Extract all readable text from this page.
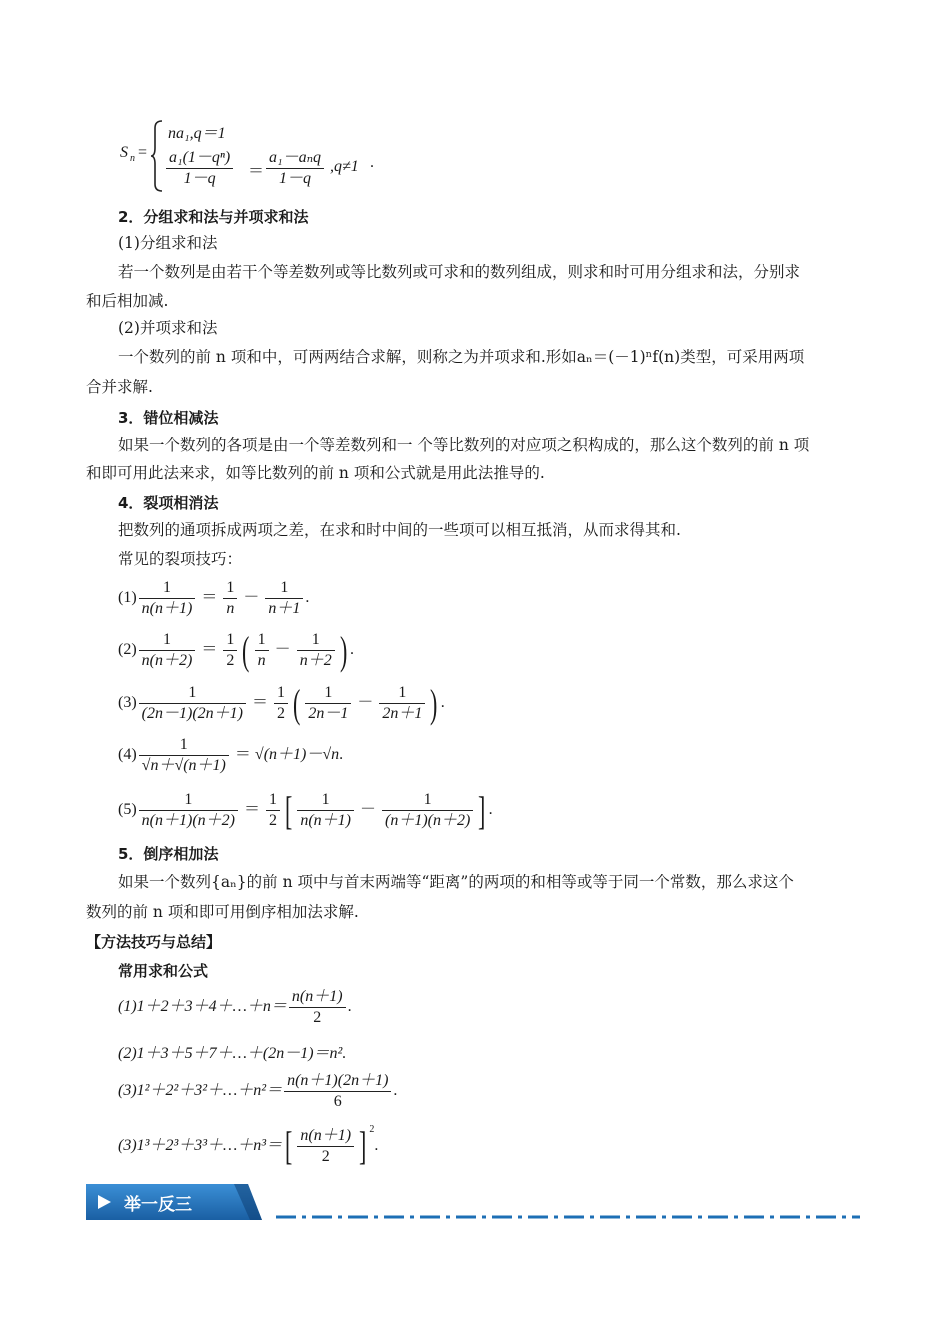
S n =
na₁,q＝1
$\frac{\text{a₁(1－qⁿ)}}{1-q}$ ＝
a₁－aₙq
1－q
,q≠1 .
2．分组求和法与并项求和法
(1)分组求和法
若一个数列是由若干个等差数列或等比数列或可求和的数列组成，则求和时可用分组求和法，分别求
和后相加减.
(2)并项求和法
一个数列的前 n 项和中，可两两结合求解，则称之为并项求和.形如aₙ＝(－1)ⁿf(n)类型，可采用两项
合并求解.
3．错位相减法
如果一个数列的各项是由一个等差数列和一 个等比数列的对应项之积构成的，那么这个数列的前 n 项
和即可用此法来求，如等比数列的前 n 项和公式就是用此法推导的.
4．裂项相消法
把数列的通项拆成两项之差，在求和时中间的一些项可以相互抵消，从而求得其和.
常见的裂项技巧：
$(1) \frac{1}{n(n+1)} = \frac{1}{n} - \frac{1}{n+1}$ .
$(2) \frac{1}{n(n+2)} = \frac{1}{2}$ ( $\frac{1}{n} - \frac{1}{n+2}$ ) .
$(3) \frac{1}{(2n-1)(2n+1)} = \frac{1}{2}$ ( $\frac{1}{2n-1} - \frac{1}{2n+1}$ ) .
$(4) \frac{1}{√n+√(n+1)} = √(n+1)-√n$.
$(5) \frac{1}{n(n+1)(n+2)} = \frac{1}{2}$ [ $\frac{1}{n(n+1)} - \frac{1}{(n+1)(n+2)}$ ] .
5．倒序相加法
如果一个数列{aₙ}的前 n 项中与首末两端等“距离”的两项的和相等或等于同一个常数，那么求这个
数列的前 n 项和即可用倒序相加法求解.
【方法技巧与总结】
常用求和公式
(1)1＋2＋3＋4＋…＋n＝ $\frac{n(n+1)}{2}$ .
(2)1＋3＋5＋7＋…＋(2n－1)＝n².
(3)1²＋2²＋3²＋…＋n²＝ $\frac{n(n+1)(2n+1)}{6}$ .
(3)1³＋2³＋3³＋…＋n³＝[ $\frac{n(n+1)}{2}$ ] $^2$.
举一反三
